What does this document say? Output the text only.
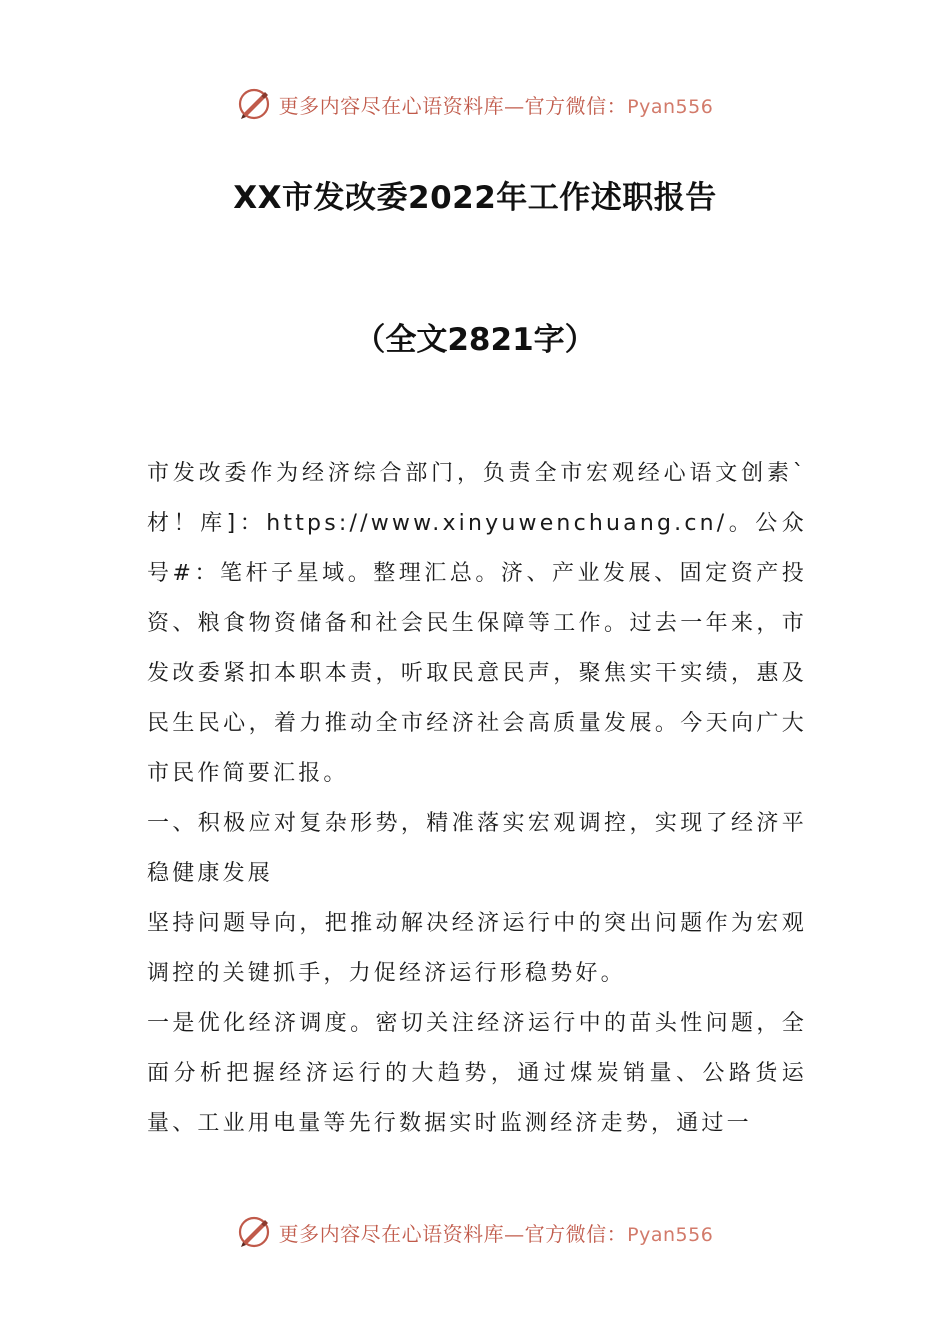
更多内容尽在心语资料库—官方微信：Pyan556
XX市发改委2022年工作述职报告
（全文2821字）

市发改委作为经济综合部门，负责全市宏观经心语文创素`材！库]：https://www.xinyuwenchuang.cn/。公众号#：笔杆子星域。整理汇总。济、产业发展、固定资产投资、粮食物资储备和社会民生保障等工作。过去一年来，市发改委紧扣本职本责，听取民意民声，聚焦实干实绩，惠及民生民心，着力推动全市经济社会高质量发展。今天向广大市民作简要汇报。

一、积极应对复杂形势，精准落实宏观调控，实现了经济平稳健康发展

坚持问题导向，把推动解决经济运行中的突出问题作为宏观调控的关键抓手，力促经济运行形稳势好。

一是优化经济调度。密切关注经济运行中的苗头性问题，全面分析把握经济运行的大趋势，通过煤炭销量、公路货运量、工业用电量等先行数据实时监测经济走势，通过一

更多内容尽在心语资料库—官方微信：Pyan556
